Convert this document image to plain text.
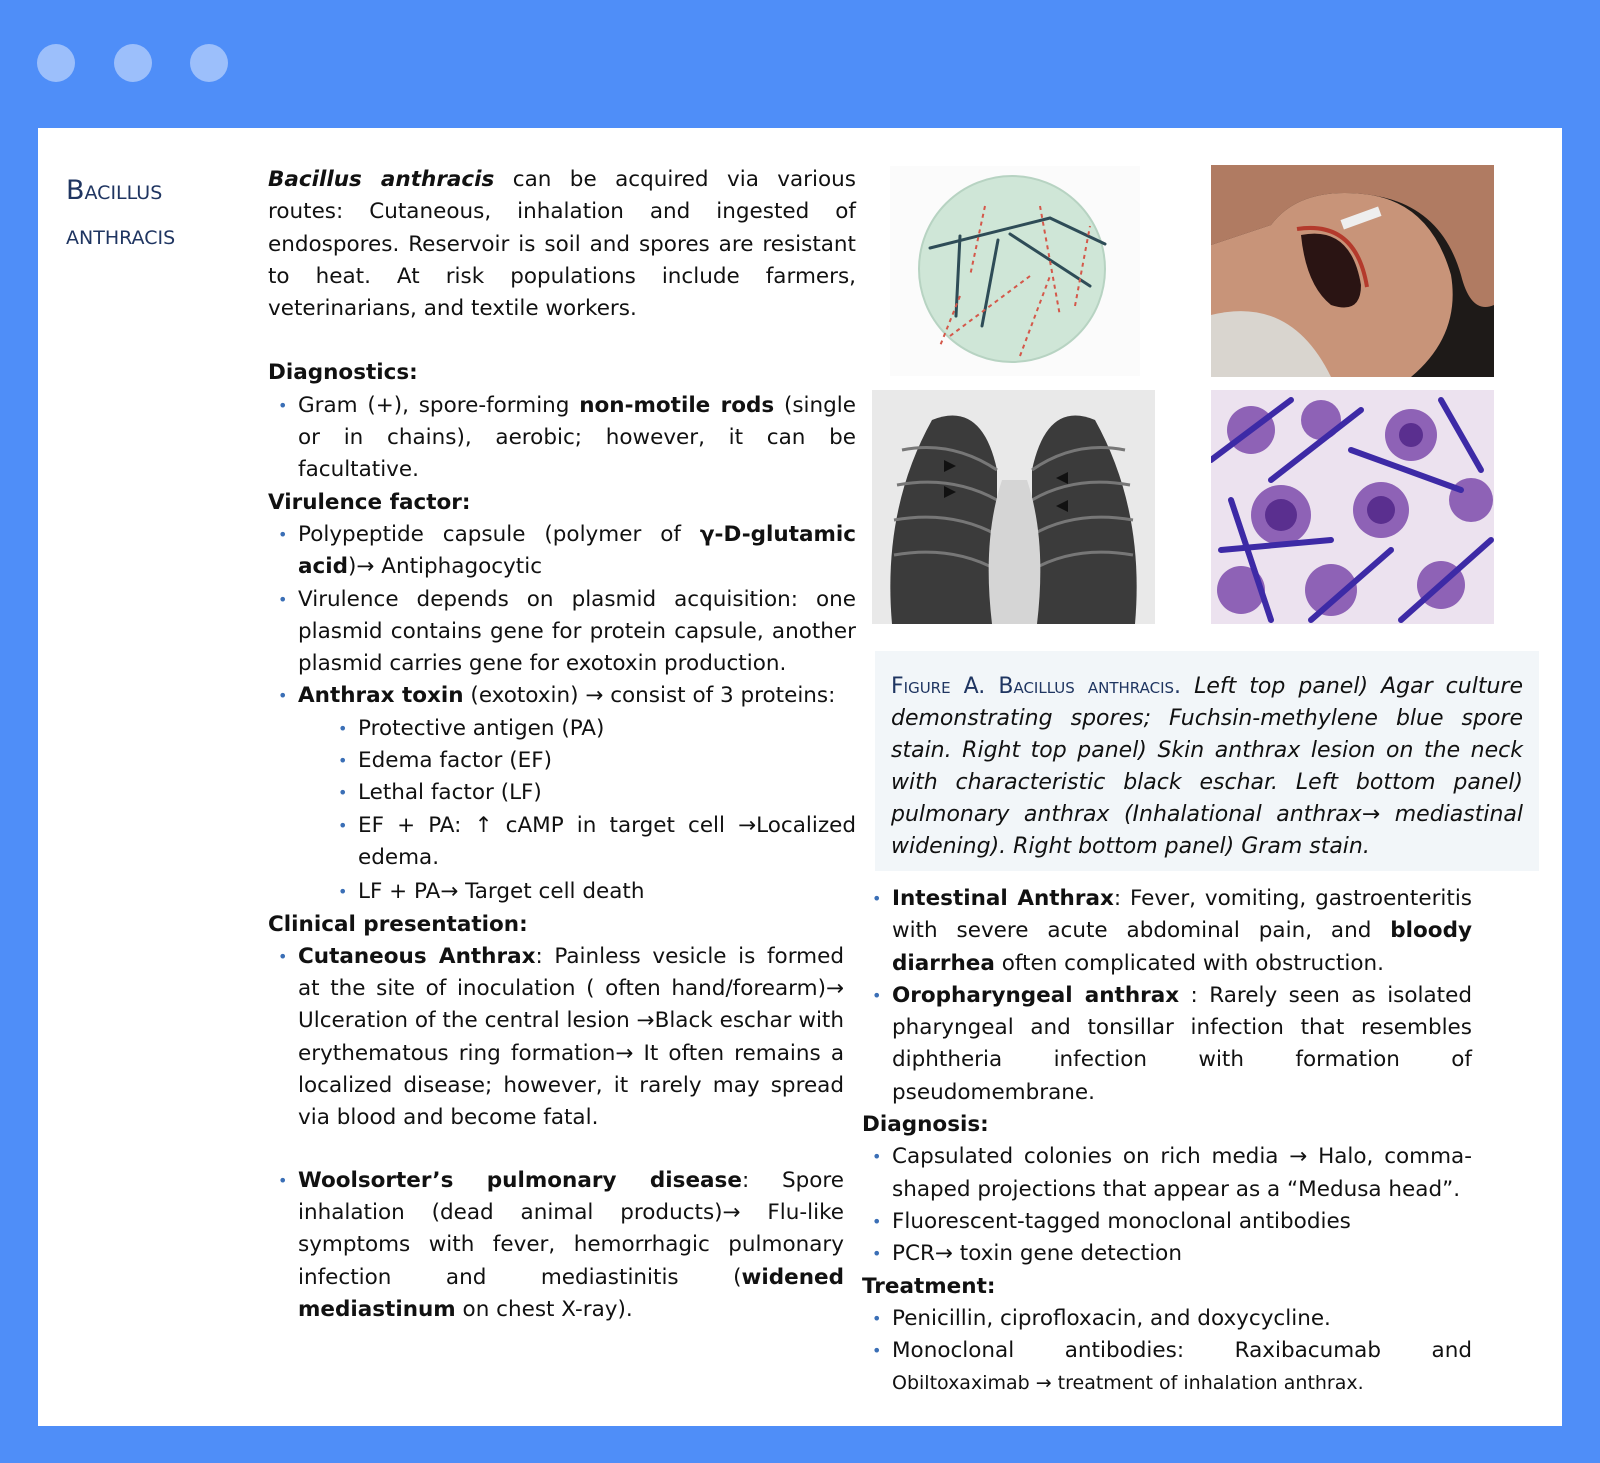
Bacillus
anthracis

Bacillus anthracis can be acquired via various routes: Cutaneous, inhalation and ingested of endospores. Reservoir is soil and spores are resistant to heat. At risk populations include farmers, veterinarians, and textile workers.

Diagnostics:

• Gram (+), spore-forming non-motile rods (single or in chains), aerobic; however, it can be facultative.

Virulence factor:

• Polypeptide capsule (polymer of γ-D-glutamic acid)→ Antiphagocytic
• Virulence depends on plasmid acquisition: one plasmid contains gene for protein capsule, another plasmid carries gene for exotoxin production.
• Anthrax toxin (exotoxin) → consist of 3 proteins:
• Protective antigen (PA)
• Edema factor (EF)
• Lethal factor (LF)
• EF + PA: ↑ cAMP in target cell →Localized edema.
• LF + PA→ Target cell death

Clinical presentation:

• Cutaneous Anthrax: Painless vesicle is formed at the site of inoculation ( often hand/forearm)→ Ulceration of the central lesion →Black eschar with erythematous ring formation→ It often remains a localized disease; however, it rarely may spread via blood and become fatal.
• Woolsorter’s pulmonary disease: Spore inhalation (dead animal products)→ Flu-like symptoms with fever, hemorrhagic pulmonary infection and mediastinitis (widened mediastinum on chest X-ray).
Figure A. Bacillus anthracis. Left top panel) Agar culture demonstrating spores; Fuchsin-methylene blue spore stain. Right top panel) Skin anthrax lesion on the neck with characteristic black eschar. Left bottom panel) pulmonary anthrax (Inhalational anthrax→ mediastinal widening). Right bottom panel) Gram stain.
• Intestinal Anthrax: Fever, vomiting, gastroenteritis with severe acute abdominal pain, and bloody diarrhea often complicated with obstruction.
• Oropharyngeal anthrax : Rarely seen as isolated pharyngeal and tonsillar infection that resembles diphtheria infection with formation of pseudomembrane.

Diagnosis:

• Capsulated colonies on rich media → Halo, comma-shaped projections that appear as a “Medusa head”.
• Fluorescent-tagged monoclonal antibodies
• PCR→ toxin gene detection

Treatment:

• Penicillin, ciprofloxacin, and doxycycline.
• Monoclonal antibodies: Raxibacumab and Obiltoxaximab → treatment of inhalation anthrax.
